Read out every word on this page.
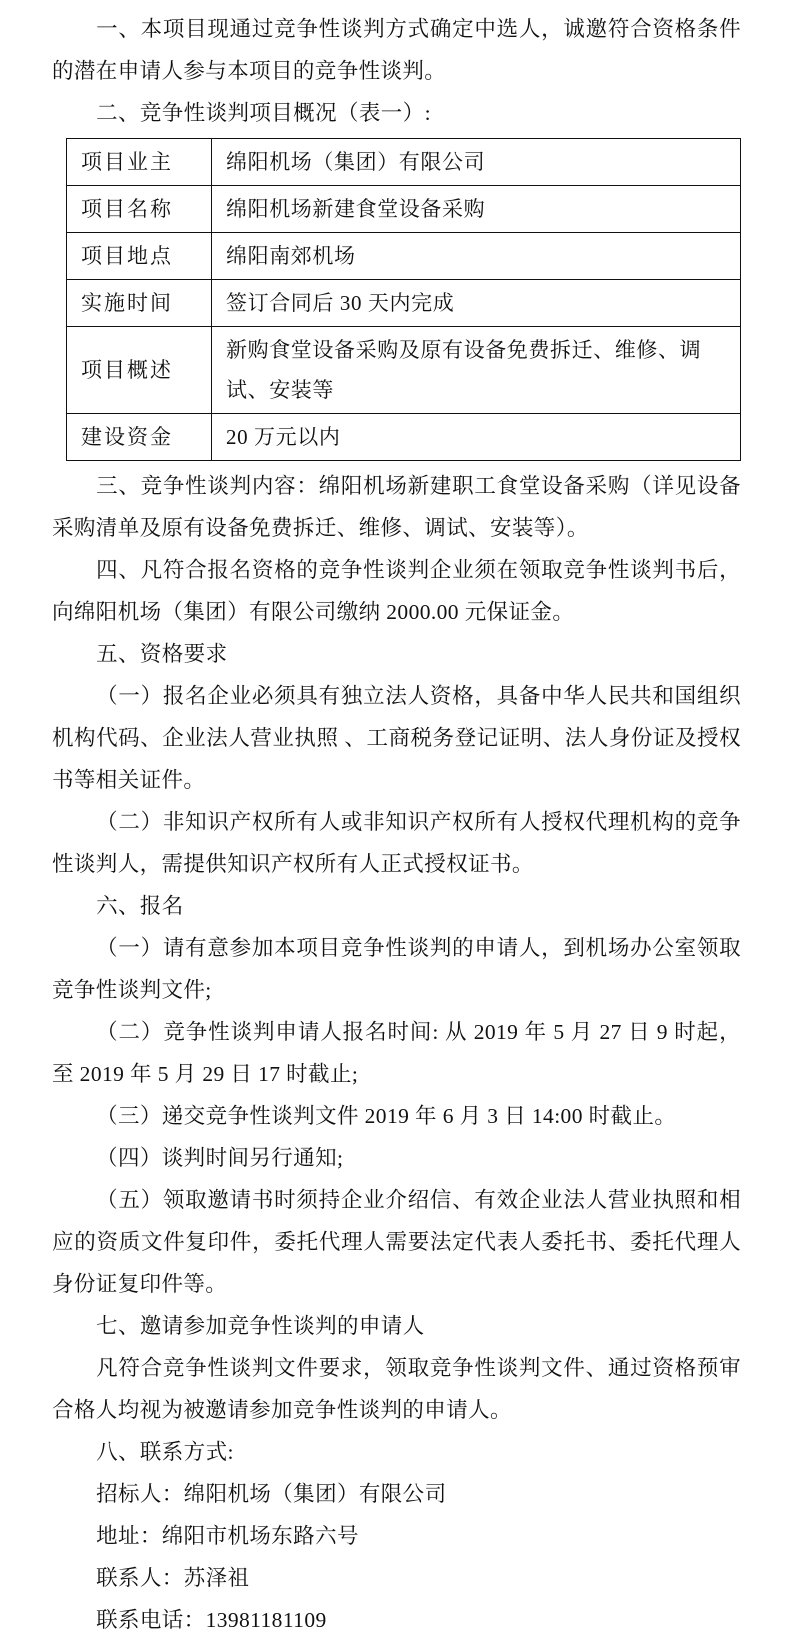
一、本项目现通过竞争性谈判方式确定中选人，诚邀符合资格条件的潜在申请人参与本项目的竞争性谈判。

二、竞争性谈判项目概况（表一）:

项目业主	绵阳机场（集团）有限公司
项目名称	绵阳机场新建食堂设备采购
项目地点	绵阳南郊机场
实施时间	签订合同后 30 天内完成
项目概述	新购食堂设备采购及原有设备免费拆迁、维修、调试、安装等
建设资金	20 万元以内

三、竞争性谈判内容：绵阳机场新建职工食堂设备采购（详见设备采购清单及原有设备免费拆迁、维修、调试、安装等）。

四、凡符合报名资格的竞争性谈判企业须在领取竞争性谈判书后，向绵阳机场（集团）有限公司缴纳 2000.00 元保证金。

五、资格要求

（一）报名企业必须具有独立法人资格，具备中华人民共和国组织机构代码、企业法人营业执照 、工商税务登记证明、法人身份证及授权书等相关证件。

（二）非知识产权所有人或非知识产权所有人授权代理机构的竞争性谈判人，需提供知识产权所有人正式授权证书。

六、报名

（一）请有意参加本项目竞争性谈判的申请人，到机场办公室领取竞争性谈判文件;

（二）竞争性谈判申请人报名时间: 从 2019 年 5 月 27 日 9 时起，至 2019 年 5 月 29 日 17 时截止;

（三）递交竞争性谈判文件 2019 年 6 月 3 日 14:00 时截止。

（四）谈判时间另行通知;

（五）领取邀请书时须持企业介绍信、有效企业法人营业执照和相应的资质文件复印件，委托代理人需要法定代表人委托书、委托代理人身份证复印件等。

七、邀请参加竞争性谈判的申请人

凡符合竞争性谈判文件要求，领取竞争性谈判文件、通过资格预审合格人均视为被邀请参加竞争性谈判的申请人。

八、联系方式:

招标人：绵阳机场（集团）有限公司

地址：绵阳市机场东路六号

联系人：苏泽祖

联系电话：13981181109
